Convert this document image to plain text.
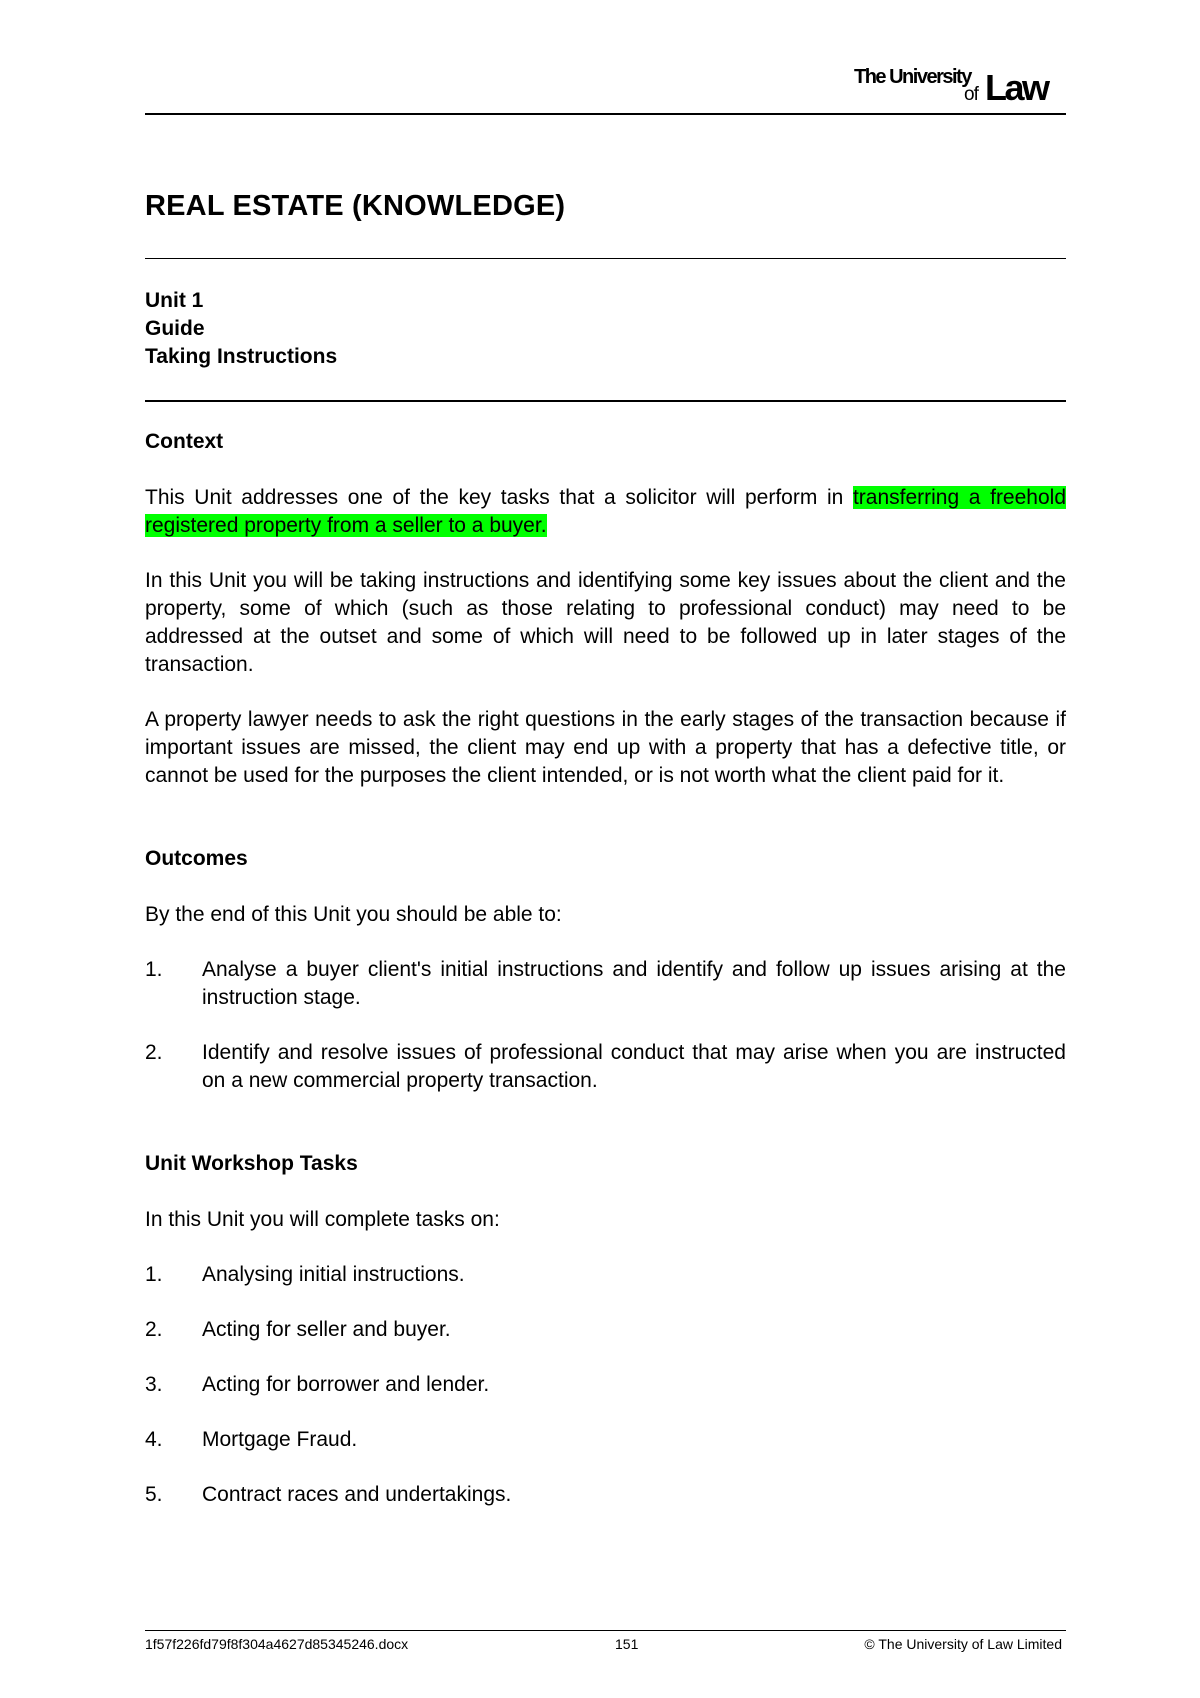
The University
of Law
REAL ESTATE (KNOWLEDGE)
Unit 1
Guide
Taking Instructions
Context

This Unit addresses one of the key tasks that a solicitor will perform in transferring a freehold registered property from a seller to a buyer.

In this Unit you will be taking instructions and identifying some key issues about the client and the property, some of which (such as those relating to professional conduct) may need to be addressed at the outset and some of which will need to be followed up in later stages of the transaction.

A property lawyer needs to ask the right questions in the early stages of the transaction because if important issues are missed, the client may end up with a property that has a defective title, or cannot be used for the purposes the client intended, or is not worth what the client paid for it.

Outcomes

By the end of this Unit you should be able to:

1.	Analyse a buyer client's initial instructions and identify and follow up issues arising at the instruction stage.
2.	Identify and resolve issues of professional conduct that may arise when you are instructed on a new commercial property transaction.
Unit Workshop Tasks

In this Unit you will complete tasks on:

1.	Analysing initial instructions.
2.	Acting for seller and buyer.
3.	Acting for borrower and lender.
4.	Mortgage Fraud.
5.	Contract races and undertakings.
1f57f226fd79f8f304a4627d85345246.docx	151	© The University of Law Limited
